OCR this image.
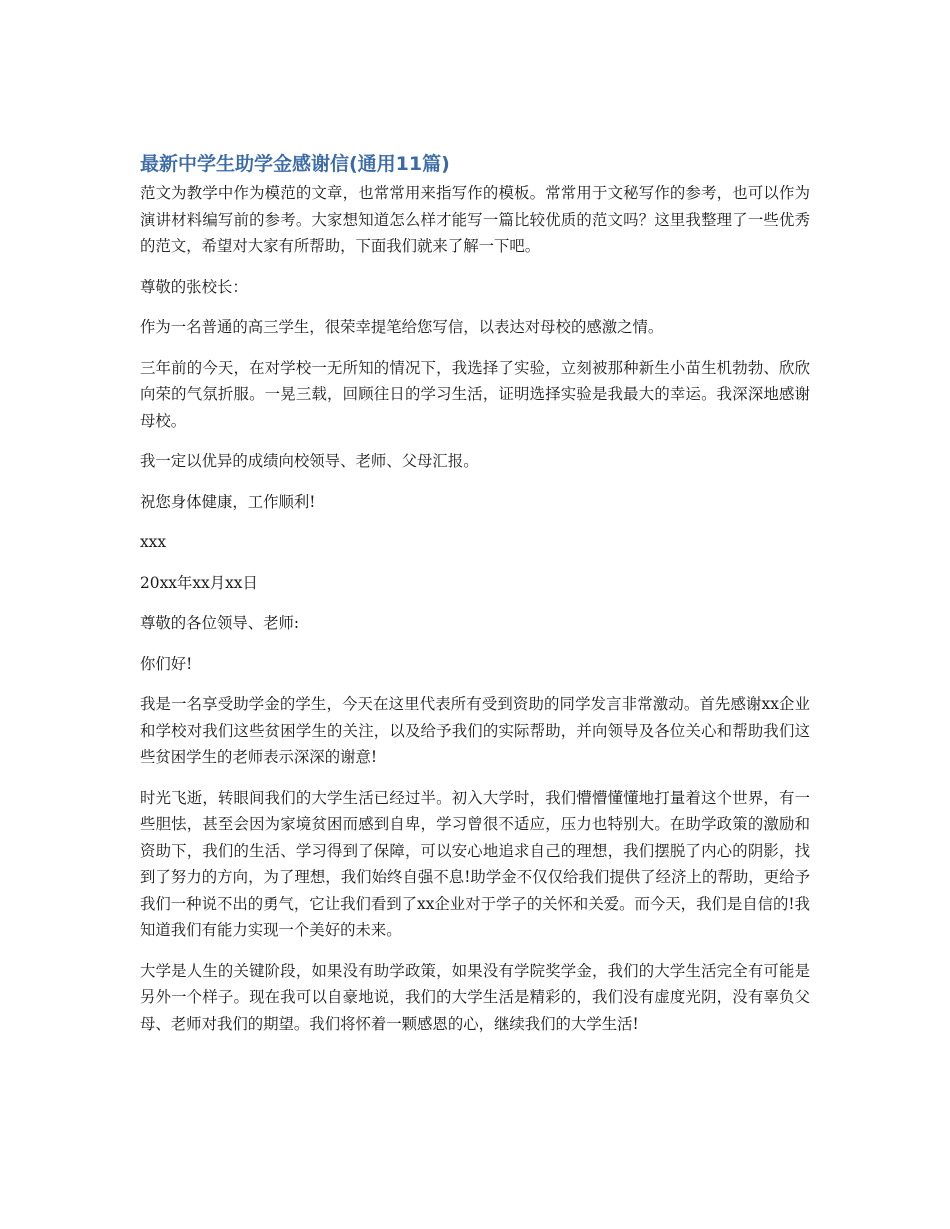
最新中学生助学金感谢信(通用11篇)

范文为教学中作为模范的文章，也常常用来指写作的模板。常常用于文秘写作的参考，也可以作为演讲材料编写前的参考。大家想知道怎么样才能写一篇比较优质的范文吗？这里我整理了一些优秀的范文，希望对大家有所帮助，下面我们就来了解一下吧。

尊敬的张校长：

作为一名普通的高三学生，很荣幸提笔给您写信，以表达对母校的感激之情。

三年前的今天，在对学校一无所知的情况下，我选择了实验，立刻被那种新生小苗生机勃勃、欣欣向荣的气氛折服。一晃三载，回顾往日的学习生活，证明选择实验是我最大的幸运。我深深地感谢母校。

我一定以优异的成绩向校领导、老师、父母汇报。

祝您身体健康，工作顺利!

xxx

20xx年xx月xx日

尊敬的各位领导、老师:

你们好!

我是一名享受助学金的学生，今天在这里代表所有受到资助的同学发言非常激动。首先感谢xx企业和学校对我们这些贫困学生的关注，以及给予我们的实际帮助，并向领导及各位关心和帮助我们这些贫困学生的老师表示深深的谢意!

时光飞逝，转眼间我们的大学生活已经过半。初入大学时，我们懵懵懂懂地打量着这个世界，有一些胆怯，甚至会因为家境贫困而感到自卑，学习曾很不适应，压力也特别大。在助学政策的激励和资助下，我们的生活、学习得到了保障，可以安心地追求自己的理想，我们摆脱了内心的阴影，找到了努力的方向，为了理想，我们始终自强不息!助学金不仅仅给我们提供了经济上的帮助，更给予我们一种说不出的勇气，它让我们看到了xx企业对于学子的关怀和关爱。而今天，我们是自信的!我知道我们有能力实现一个美好的未来。

大学是人生的关键阶段，如果没有助学政策，如果没有学院奖学金，我们的大学生活完全有可能是另外一个样子。现在我可以自豪地说，我们的大学生活是精彩的，我们没有虚度光阴，没有辜负父母、老师对我们的期望。我们将怀着一颗感恩的心，继续我们的大学生活!
